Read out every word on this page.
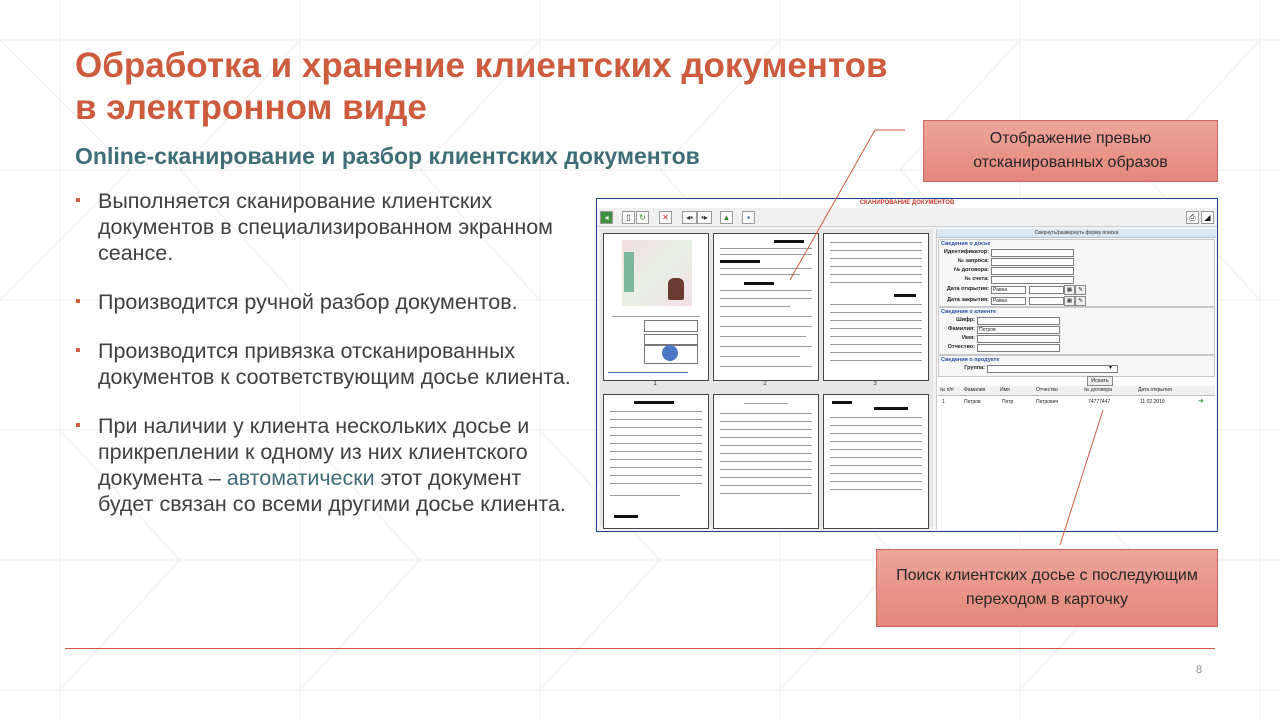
Обработка и хранение клиентских документов
в электронном виде
Online-сканирование и разбор клиентских документов
▪ Выполняется сканирование клиентских документов в специализированном экранном сеансе.
▪ Производится ручной разбор документов.
▪ Производится привязка отсканированных документов к соответствующим досье клиента.
▪ При наличии у клиента нескольких досье и прикреплении к одному из них клиентского документа – автоматически этот документ будет связан со всеми другими досье клиента.
Отображение превью отсканированных образов
Поиск клиентских досье с последующим переходом в карточку
СКАНИРОВАНИЕ ДОКУМЕНТОВ
◂	▯	↻	✕	◂▪	▪▸	▲	▪	⎙	◢
1	2	3
Свернуть/развернуть форму поиска
Сведения о досье
Идентификатор:
№ запроса:
№ договора:
№ счета:
Дата открытия: Равна	▦	✎
Дата закрытия: Равна	▦	✎
Сведения о клиенте
Шифр:
Фамилия: Петров
Имя:
Отчество:
Сведения о продукте
Группа:	▾
Искать
№ п/п Фамилия	Имя	Отчество	№ договора	Дата открытия
1	Петров	Петр	Петрович	74777447	11.02.2019	➜
8
